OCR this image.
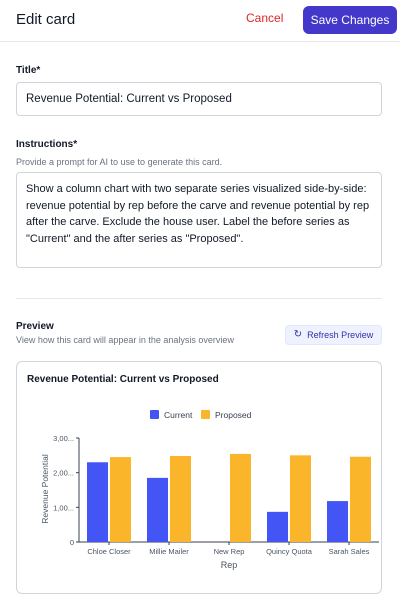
Edit card	Cancel	Save Changes
Title*
Revenue Potential: Current vs Proposed
Instructions*
Provide a prompt for AI to use to generate this card.
Show a column chart with two separate series visualized side-by-side: revenue potential by rep before the carve and revenue potential by rep after the carve. Exclude the house user. Label the before series as "Current" and the after series as "Proposed".
Preview
View how this card will appear in the analysis overview	↻ Refresh Preview
Revenue Potential: Current vs Proposed
Current	Proposed
0
1,00...
2,00...
3,00...
Chloe Closer Millie Mailer	New Rep	Quincy Quota Sarah Sales
Rep
Revenue Potential
